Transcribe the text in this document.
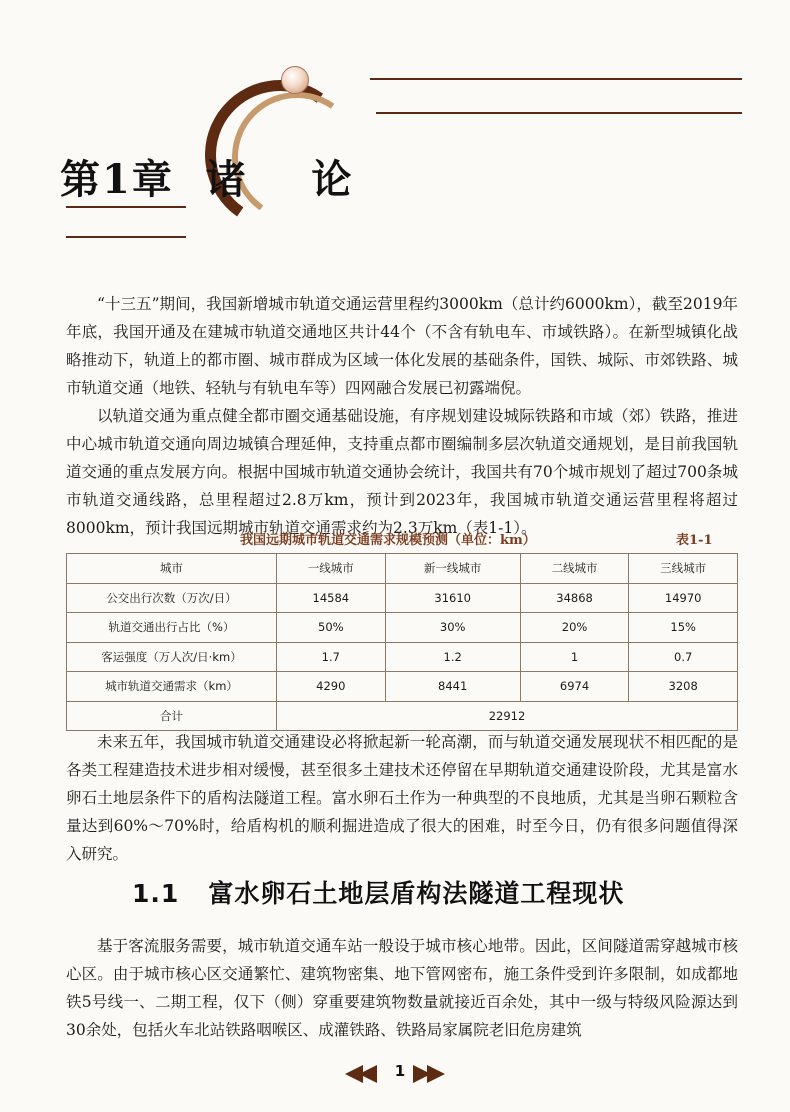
第1章  诸    论

“十三五”期间，我国新增城市轨道交通运营里程约3000km（总计约6000km），截至2019年年底，我国开通及在建城市轨道交通地区共计44个（不含有轨电车、市域铁路）。在新型城镇化战略推动下，轨道上的都市圈、城市群成为区域一体化发展的基础条件，国铁、城际、市郊铁路、城市轨道交通（地铁、轻轨与有轨电车等）四网融合发展已初露端倪。

以轨道交通为重点健全都市圈交通基础设施，有序规划建设城际铁路和市域（郊）铁路，推进中心城市轨道交通向周边城镇合理延伸，支持重点都市圈编制多层次轨道交通规划，是目前我国轨道交通的重点发展方向。根据中国城市轨道交通协会统计，我国共有70个城市规划了超过700条城市轨道交通线路，总里程超过2.8万km，预计到2023年，我国城市轨道交通运营里程将超过8000km，预计我国远期城市轨道交通需求约为2.3万km（表1-1）。

我国远期城市轨道交通需求规模预测（单位：km）	表1-1
城市	一线城市	新一线城市	二线城市	三线城市
公交出行次数（万次/日）	14584	31610	34868	14970
轨道交通出行占比（%）	50%	30%	20%	15%
客运强度（万人次/日·km）	1.7	1.2	1	0.7
城市轨道交通需求（km）	4290	8441	6974	3208
合计	22912			

未来五年，我国城市轨道交通建设必将掀起新一轮高潮，而与轨道交通发展现状不相匹配的是各类工程建造技术进步相对缓慢，甚至很多土建技术还停留在早期轨道交通建设阶段，尤其是富水卵石土地层条件下的盾构法隧道工程。富水卵石土作为一种典型的不良地质，尤其是当卵石颗粒含量达到60%～70%时，给盾构机的顺利掘进造成了很大的困难，时至今日，仍有很多问题值得深入研究。

1.1   富水卵石土地层盾构法隧道工程现状

基于客流服务需要，城市轨道交通车站一般设于城市核心地带。因此，区间隧道需穿越城市核心区。由于城市核心区交通繁忙、建筑物密集、地下管网密布，施工条件受到许多限制，如成都地铁5号线一、二期工程，仅下（侧）穿重要建筑物数量就接近百余处，其中一级与特级风险源达到30余处，包括火车北站铁路咽喉区、成灌铁路、铁路局家属院老旧危房建筑

1
